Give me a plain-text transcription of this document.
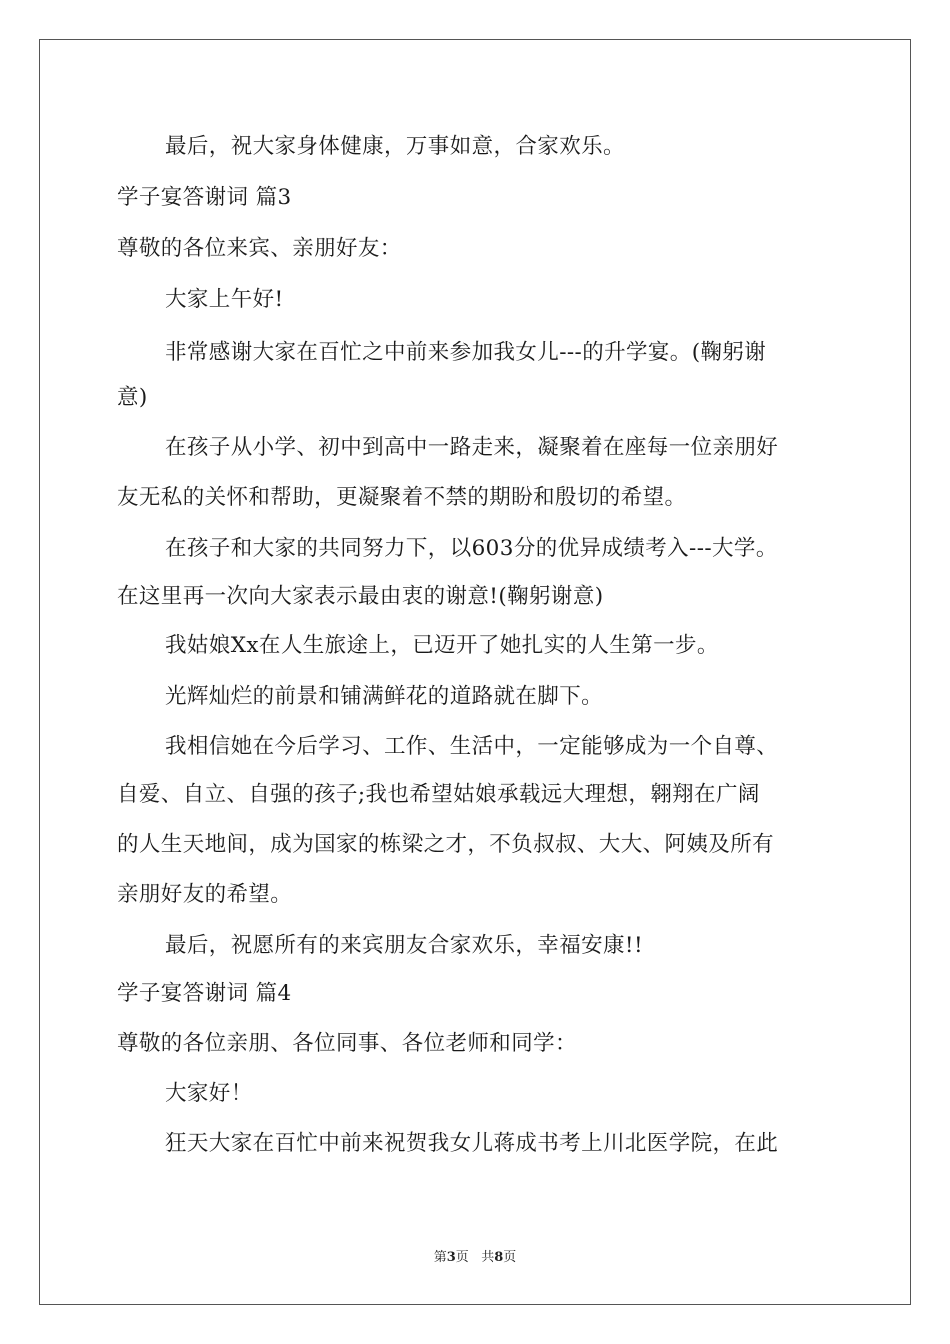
最后，祝大家身体健康，万事如意，合家欢乐。
学子宴答谢词 篇3
尊敬的各位来宾、亲朋好友：
大家上午好!
非常感谢大家在百忙之中前来参加我女儿---的升学宴。(鞠躬谢
意)
在孩子从小学、初中到高中一路走来，凝聚着在座每一位亲朋好
友无私的关怀和帮助，更凝聚着不禁的期盼和殷切的希望。
在孩子和大家的共同努力下，以603分的优异成绩考入---大学。
在这里再一次向大家表示最由衷的谢意!(鞠躬谢意)
我姑娘Xx在人生旅途上，已迈开了她扎实的人生第一步。
光辉灿烂的前景和铺满鲜花的道路就在脚下。
我相信她在今后学习、工作、生活中，一定能够成为一个自尊、
自爱、自立、自强的孩子;我也希望姑娘承载远大理想，翱翔在广阔
的人生天地间，成为国家的栋梁之才，不负叔叔、大大、阿姨及所有
亲朋好友的希望。
最后，祝愿所有的来宾朋友合家欢乐，幸福安康!!
学子宴答谢词 篇4
尊敬的各位亲朋、各位同事、各位老师和同学：
大家好！
狂天大家在百忙中前来祝贺我女儿蒋成书考上川北医学院，在此
第3页 共8页
